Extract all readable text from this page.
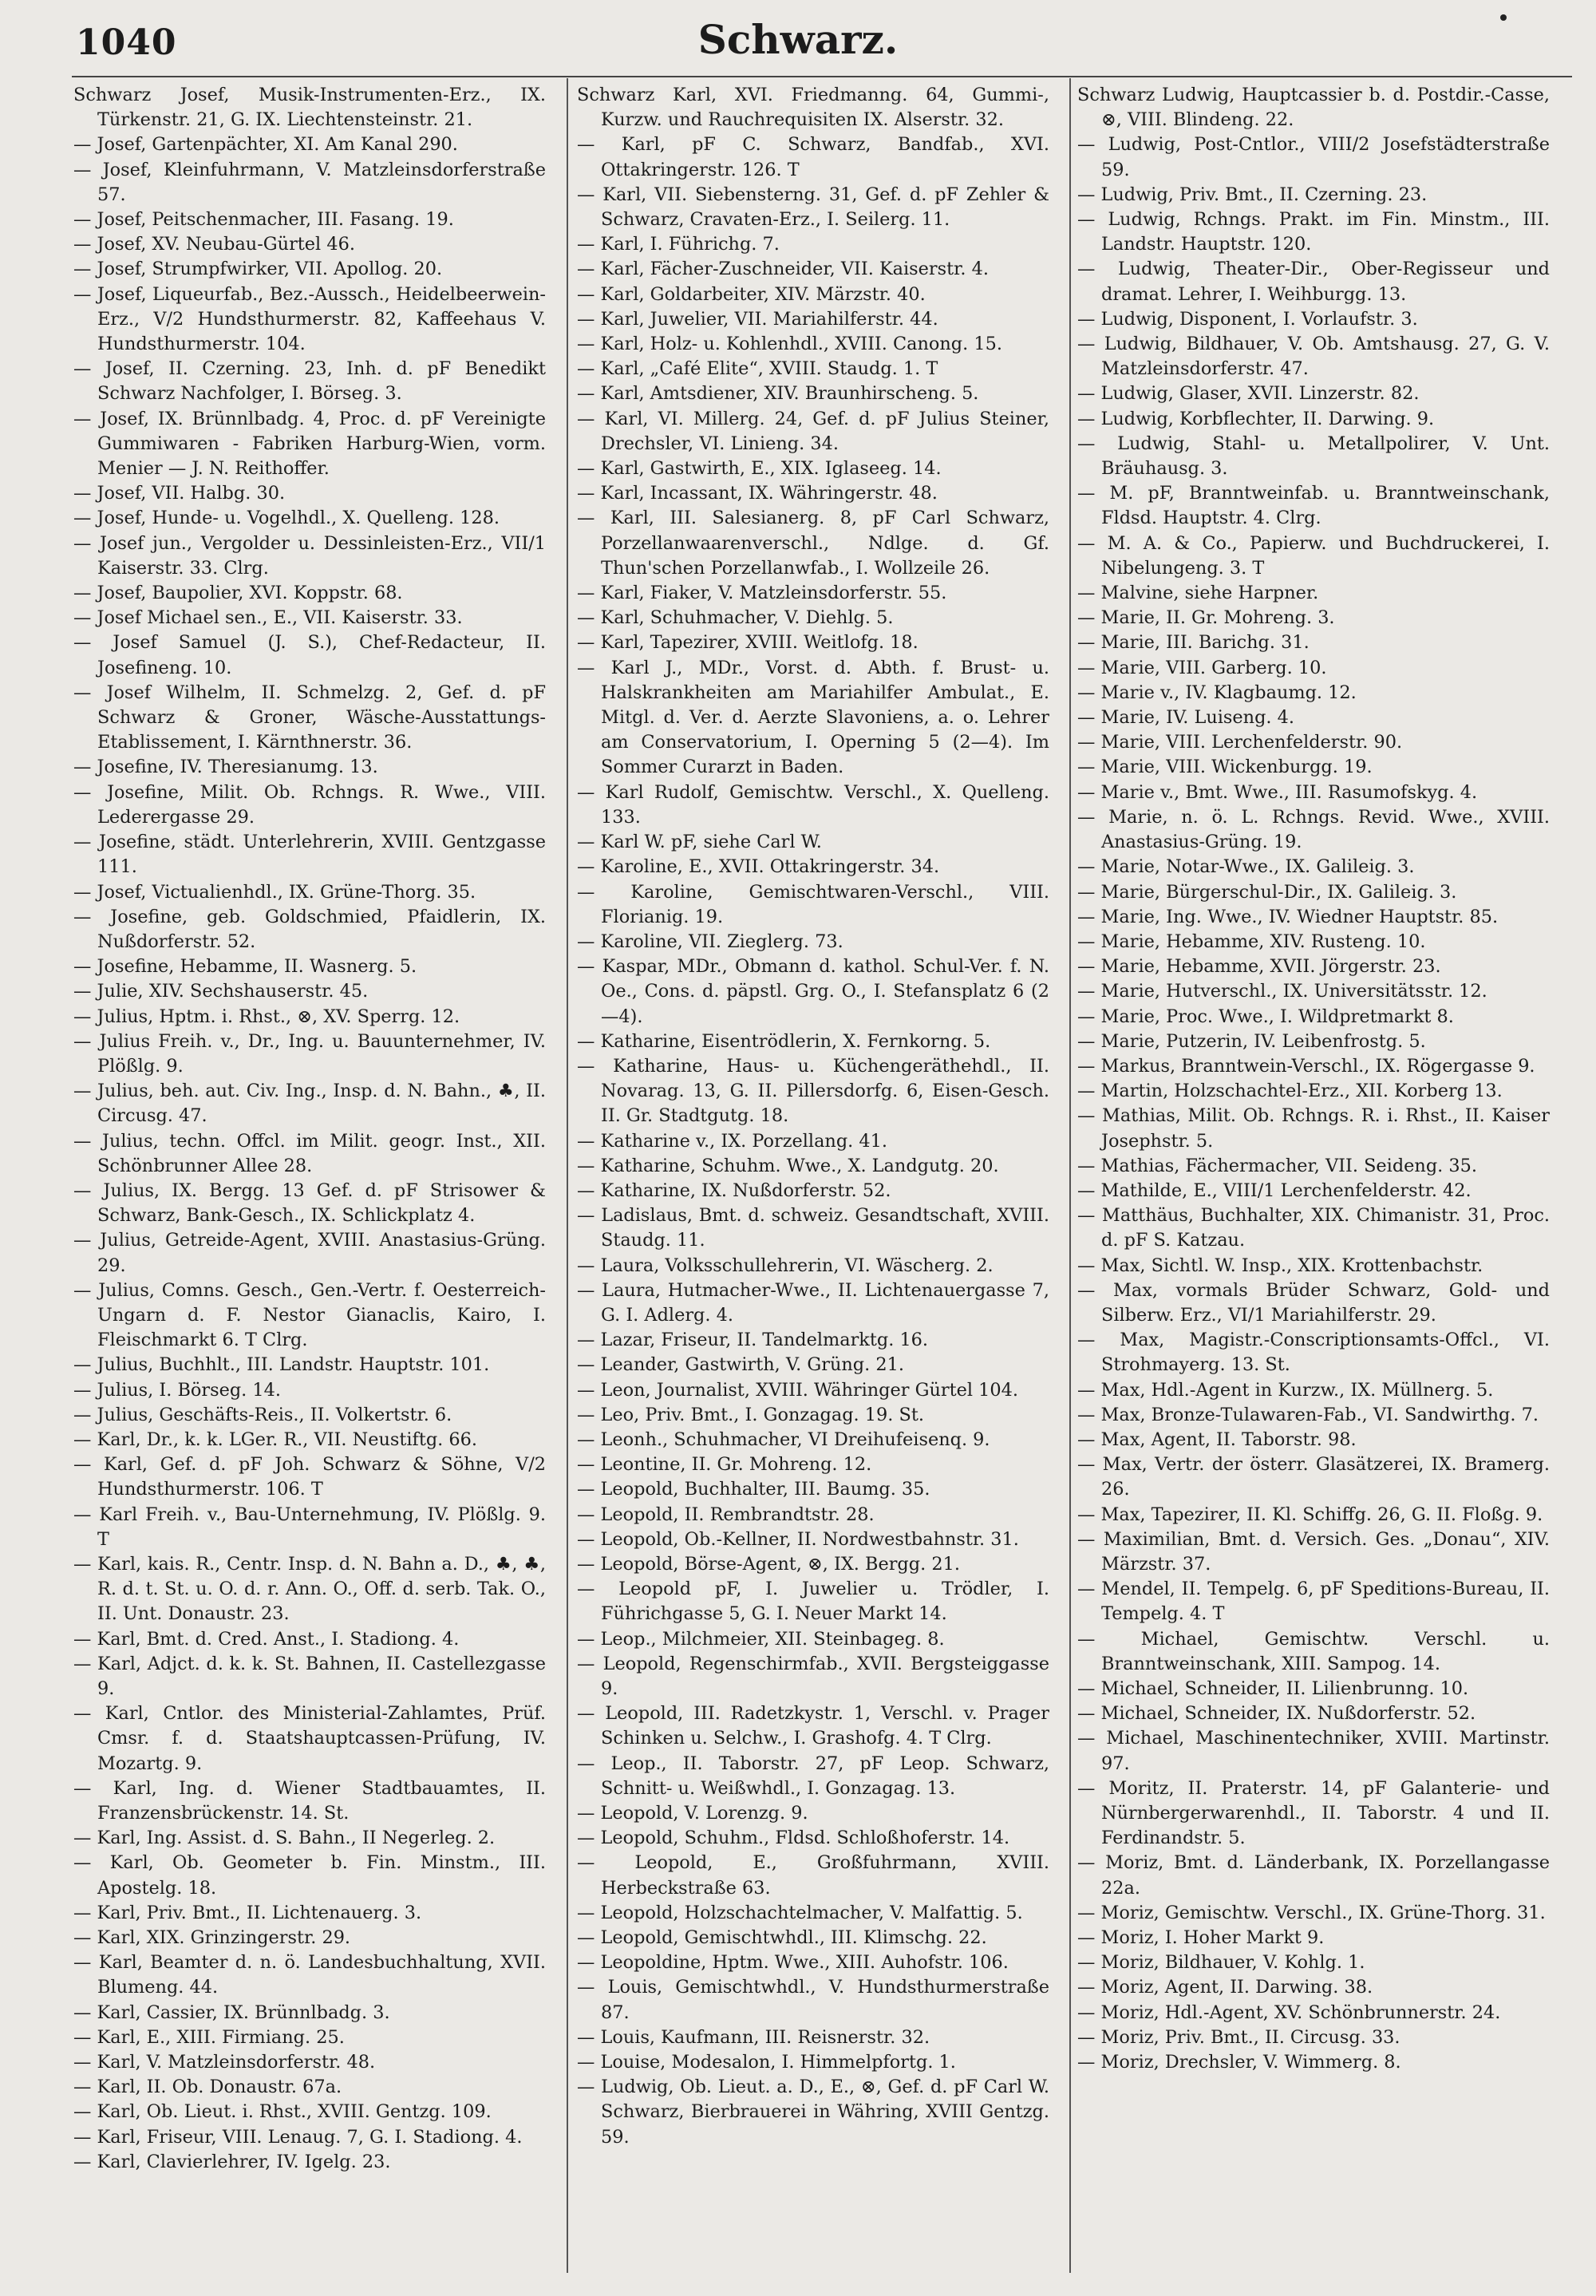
1040	Schwarz.
Schwarz Josef, Musik-Instrumenten-Erz., IX. Türkenstr. 21, G. IX. Liechtensteinstr. 21.
— Josef, Gartenpächter, XI. Am Kanal 290.
— Josef, Kleinfuhrmann, V. Matzleinsdorferstraße 57.
— Josef, Peitschenmacher, III. Fasang. 19.
— Josef, XV. Neubau-Gürtel 46.
— Josef, Strumpfwirker, VII. Apollog. 20.
— Josef, Liqueurfab., Bez.-Aussch., Heidelbeerwein-Erz., V/2 Hundsthurmerstr. 82, Kaffeehaus V. Hundsthurmerstr. 104.
— Josef, II. Czerning. 23, Inh. d. pF Benedikt Schwarz Nachfolger, I. Börseg. 3.
— Josef, IX. Brünnlbadg. 4, Proc. d. pF Vereinigte Gummiwaren - Fabriken Harburg-Wien, vorm. Menier — J. N. Reithoffer.
— Josef, VII. Halbg. 30.
— Josef, Hunde- u. Vogelhdl., X. Quelleng. 128.
— Josef jun., Vergolder u. Dessinleisten-Erz., VII/1 Kaiserstr. 33. Clrg.
— Josef, Baupolier, XVI. Koppstr. 68.
— Josef Michael sen., E., VII. Kaiserstr. 33.
— Josef Samuel (J. S.), Chef-Redacteur, II. Josefineng. 10.
— Josef Wilhelm, II. Schmelzg. 2, Gef. d. pF Schwarz & Groner, Wäsche-Ausstattungs-Etablissement, I. Kärnthnerstr. 36.
— Josefine, IV. Theresianumg. 13.
— Josefine, Milit. Ob. Rchngs. R. Wwe., VIII. Lederergasse 29.
— Josefine, städt. Unterlehrerin, XVIII. Gentzgasse 111.
— Josef, Victualienhdl., IX. Grüne-Thorg. 35.
— Josefine, geb. Goldschmied, Pfaidlerin, IX. Nußdorferstr. 52.
— Josefine, Hebamme, II. Wasnerg. 5.
— Julie, XIV. Sechshauserstr. 45.
— Julius, Hptm. i. Rhst., ⊗, XV. Sperrg. 12.
— Julius Freih. v., Dr., Ing. u. Bauunternehmer, IV. Plößlg. 9.
— Julius, beh. aut. Civ. Ing., Insp. d. N. Bahn., ♣, II. Circusg. 47.
— Julius, techn. Offcl. im Milit. geogr. Inst., XII. Schönbrunner Allee 28.
— Julius, IX. Bergg. 13 Gef. d. pF Strisower & Schwarz, Bank-Gesch., IX. Schlickplatz 4.
— Julius, Getreide-Agent, XVIII. Anastasius-Grüng. 29.
— Julius, Comns. Gesch., Gen.-Vertr. f. Oesterreich-Ungarn d. F. Nestor Gianaclis, Kairo, I. Fleischmarkt 6. T Clrg.
— Julius, Buchhlt., III. Landstr. Hauptstr. 101.
— Julius, I. Börseg. 14.
— Julius, Geschäfts-Reis., II. Volkertstr. 6.
— Karl, Dr., k. k. LGer. R., VII. Neustiftg. 66.
— Karl, Gef. d. pF Joh. Schwarz & Söhne, V/2 Hundsthurmerstr. 106. T
— Karl Freih. v., Bau-Unternehmung, IV. Plößlg. 9. T
— Karl, kais. R., Centr. Insp. d. N. Bahn a. D., ♣, ♣, R. d. t. St. u. O. d. r. Ann. O., Off. d. serb. Tak. O., II. Unt. Donaustr. 23.
— Karl, Bmt. d. Cred. Anst., I. Stadiong. 4.
— Karl, Adjct. d. k. k. St. Bahnen, II. Castellezgasse 9.
— Karl, Cntlor. des Ministerial-Zahlamtes, Prüf. Cmsr. f. d. Staatshauptcassen-Prüfung, IV. Mozartg. 9.
— Karl, Ing. d. Wiener Stadtbauamtes, II. Franzensbrückenstr. 14. St.
— Karl, Ing. Assist. d. S. Bahn., II Negerleg. 2.
— Karl, Ob. Geometer b. Fin. Minstm., III. Apostelg. 18.
— Karl, Priv. Bmt., II. Lichtenauerg. 3.
— Karl, XIX. Grinzingerstr. 29.
— Karl, Beamter d. n. ö. Landesbuchhaltung, XVII. Blumeng. 44.
— Karl, Cassier, IX. Brünnlbadg. 3.
— Karl, E., XIII. Firmiang. 25.
— Karl, V. Matzleinsdorferstr. 48.
— Karl, II. Ob. Donaustr. 67a.
— Karl, Ob. Lieut. i. Rhst., XVIII. Gentzg. 109.
— Karl, Friseur, VIII. Lenaug. 7, G. I. Stadiong. 4.
— Karl, Clavierlehrer, IV. Igelg. 23.
Schwarz Karl, XVI. Friedmanng. 64, Gummi-, Kurzw. und Rauchrequisiten IX. Alserstr. 32.
— Karl, pF C. Schwarz, Bandfab., XVI. Ottakringerstr. 126. T
— Karl, VII. Siebensterng. 31, Gef. d. pF Zehler & Schwarz, Cravaten-Erz., I. Seilerg. 11.
— Karl, I. Führichg. 7.
— Karl, Fächer-Zuschneider, VII. Kaiserstr. 4.
— Karl, Goldarbeiter, XIV. Märzstr. 40.
— Karl, Juwelier, VII. Mariahilferstr. 44.
— Karl, Holz- u. Kohlenhdl., XVIII. Canong. 15.
— Karl, „Café Elite“, XVIII. Staudg. 1. T
— Karl, Amtsdiener, XIV. Braunhirscheng. 5.
— Karl, VI. Millerg. 24, Gef. d. pF Julius Steiner, Drechsler, VI. Linieng. 34.
— Karl, Gastwirth, E., XIX. Iglaseeg. 14.
— Karl, Incassant, IX. Währingerstr. 48.
— Karl, III. Salesianerg. 8, pF Carl Schwarz, Porzellanwaarenverschl., Ndlge. d. Gf. Thun'schen Porzellanwfab., I. Wollzeile 26.
— Karl, Fiaker, V. Matzleinsdorferstr. 55.
— Karl, Schuhmacher, V. Diehlg. 5.
— Karl, Tapezirer, XVIII. Weitlofg. 18.
— Karl J., MDr., Vorst. d. Abth. f. Brust- u. Halskrankheiten am Mariahilfer Ambulat., E. Mitgl. d. Ver. d. Aerzte Slavoniens, a. o. Lehrer am Conservatorium, I. Operning 5 (2—4). Im Sommer Curarzt in Baden.
— Karl Rudolf, Gemischtw. Verschl., X. Quelleng. 133.
— Karl W. pF, siehe Carl W.
— Karoline, E., XVII. Ottakringerstr. 34.
— Karoline, Gemischtwaren-Verschl., VIII. Florianig. 19.
— Karoline, VII. Zieglerg. 73.
— Kaspar, MDr., Obmann d. kathol. Schul-Ver. f. N. Oe., Cons. d. päpstl. Grg. O., I. Stefansplatz 6 (2—4).
— Katharine, Eisentrödlerin, X. Fernkorng. 5.
— Katharine, Haus- u. Küchengeräthehdl., II. Novarag. 13, G. II. Pillersdorfg. 6, Eisen-Gesch. II. Gr. Stadtgutg. 18.
— Katharine v., IX. Porzellang. 41.
— Katharine, Schuhm. Wwe., X. Landgutg. 20.
— Katharine, IX. Nußdorferstr. 52.
— Ladislaus, Bmt. d. schweiz. Gesandtschaft, XVIII. Staudg. 11.
— Laura, Volksschullehrerin, VI. Wäscherg. 2.
— Laura, Hutmacher-Wwe., II. Lichtenauergasse 7, G. I. Adlerg. 4.
— Lazar, Friseur, II. Tandelmarktg. 16.
— Leander, Gastwirth, V. Grüng. 21.
— Leon, Journalist, XVIII. Währinger Gürtel 104.
— Leo, Priv. Bmt., I. Gonzagag. 19. St.
— Leonh., Schuhmacher, VI Dreihufeisenq. 9.
— Leontine, II. Gr. Mohreng. 12.
— Leopold, Buchhalter, III. Baumg. 35.
— Leopold, II. Rembrandtstr. 28.
— Leopold, Ob.-Kellner, II. Nordwestbahnstr. 31.
— Leopold, Börse-Agent, ⊗, IX. Bergg. 21.
— Leopold pF, I. Juwelier u. Trödler, I. Führichgasse 5, G. I. Neuer Markt 14.
— Leop., Milchmeier, XII. Steinbageg. 8.
— Leopold, Regenschirmfab., XVII. Bergsteiggasse 9.
— Leopold, III. Radetzkystr. 1, Verschl. v. Prager Schinken u. Selchw., I. Grashofg. 4. T Clrg.
— Leop., II. Taborstr. 27, pF Leop. Schwarz, Schnitt- u. Weißwhdl., I. Gonzagag. 13.
— Leopold, V. Lorenzg. 9.
— Leopold, Schuhm., Fldsd. Schloßhoferstr. 14.
— Leopold, E., Großfuhrmann, XVIII. Herbeckstraße 63.
— Leopold, Holzschachtelmacher, V. Malfattig. 5.
— Leopold, Gemischtwhdl., III. Klimschg. 22.
— Leopoldine, Hptm. Wwe., XIII. Auhofstr. 106.
— Louis, Gemischtwhdl., V. Hundsthurmerstraße 87.
— Louis, Kaufmann, III. Reisnerstr. 32.
— Louise, Modesalon, I. Himmelpfortg. 1.
— Ludwig, Ob. Lieut. a. D., E., ⊗, Gef. d. pF Carl W. Schwarz, Bierbrauerei in Währing, XVIII Gentzg. 59.
Schwarz Ludwig, Hauptcassier b. d. Postdir.-Casse, ⊗, VIII. Blindeng. 22.
— Ludwig, Post-Cntlor., VIII/2 Josefstädterstraße 59.
— Ludwig, Priv. Bmt., II. Czerning. 23.
— Ludwig, Rchngs. Prakt. im Fin. Minstm., III. Landstr. Hauptstr. 120.
— Ludwig, Theater-Dir., Ober-Regisseur und dramat. Lehrer, I. Weihburgg. 13.
— Ludwig, Disponent, I. Vorlaufstr. 3.
— Ludwig, Bildhauer, V. Ob. Amtshausg. 27, G. V. Matzleinsdorferstr. 47.
— Ludwig, Glaser, XVII. Linzerstr. 82.
— Ludwig, Korbflechter, II. Darwing. 9.
— Ludwig, Stahl- u. Metallpolirer, V. Unt. Bräuhausg. 3.
— M. pF, Branntweinfab. u. Branntweinschank, Fldsd. Hauptstr. 4. Clrg.
— M. A. & Co., Papierw. und Buchdruckerei, I. Nibelungeng. 3. T
— Malvine, siehe Harpner.
— Marie, II. Gr. Mohreng. 3.
— Marie, III. Barichg. 31.
— Marie, VIII. Garberg. 10.
— Marie v., IV. Klagbaumg. 12.
— Marie, IV. Luiseng. 4.
— Marie, VIII. Lerchenfelderstr. 90.
— Marie, VIII. Wickenburgg. 19.
— Marie v., Bmt. Wwe., III. Rasumofskyg. 4.
— Marie, n. ö. L. Rchngs. Revid. Wwe., XVIII. Anastasius-Grüng. 19.
— Marie, Notar-Wwe., IX. Galileig. 3.
— Marie, Bürgerschul-Dir., IX. Galileig. 3.
— Marie, Ing. Wwe., IV. Wiedner Hauptstr. 85.
— Marie, Hebamme, XIV. Rusteng. 10.
— Marie, Hebamme, XVII. Jörgerstr. 23.
— Marie, Hutverschl., IX. Universitätsstr. 12.
— Marie, Proc. Wwe., I. Wildpretmarkt 8.
— Marie, Putzerin, IV. Leibenfrostg. 5.
— Markus, Branntwein-Verschl., IX. Rögergasse 9.
— Martin, Holzschachtel-Erz., XII. Korberg 13.
— Mathias, Milit. Ob. Rchngs. R. i. Rhst., II. Kaiser Josephstr. 5.
— Mathias, Fächermacher, VII. Seideng. 35.
— Mathilde, E., VIII/1 Lerchenfelderstr. 42.
— Matthäus, Buchhalter, XIX. Chimanistr. 31, Proc. d. pF S. Katzau.
— Max, Sichtl. W. Insp., XIX. Krottenbachstr.
— Max, vormals Brüder Schwarz, Gold- und Silberw. Erz., VI/1 Mariahilferstr. 29.
— Max, Magistr.-Conscriptionsamts-Offcl., VI. Strohmayerg. 13. St.
— Max, Hdl.-Agent in Kurzw., IX. Müllnerg. 5.
— Max, Bronze-Tulawaren-Fab., VI. Sandwirthg. 7.
— Max, Agent, II. Taborstr. 98.
— Max, Vertr. der österr. Glasätzerei, IX. Bramerg. 26.
— Max, Tapezirer, II. Kl. Schiffg. 26, G. II. Floßg. 9.
— Maximilian, Bmt. d. Versich. Ges. „Donau“, XIV. Märzstr. 37.
— Mendel, II. Tempelg. 6, pF Speditions-Bureau, II. Tempelg. 4. T
— Michael, Gemischtw. Verschl. u. Branntweinschank, XIII. Sampog. 14.
— Michael, Schneider, II. Lilienbrunng. 10.
— Michael, Schneider, IX. Nußdorferstr. 52.
— Michael, Maschinentechniker, XVIII. Martinstr. 97.
— Moritz, II. Praterstr. 14, pF Galanterie- und Nürnbergerwarenhdl., II. Taborstr. 4 und II. Ferdinandstr. 5.
— Moriz, Bmt. d. Länderbank, IX. Porzellangasse 22a.
— Moriz, Gemischtw. Verschl., IX. Grüne-Thorg. 31.
— Moriz, I. Hoher Markt 9.
— Moriz, Bildhauer, V. Kohlg. 1.
— Moriz, Agent, II. Darwing. 38.
— Moriz, Hdl.-Agent, XV. Schönbrunnerstr. 24.
— Moriz, Priv. Bmt., II. Circusg. 33.
— Moriz, Drechsler, V. Wimmerg. 8.
